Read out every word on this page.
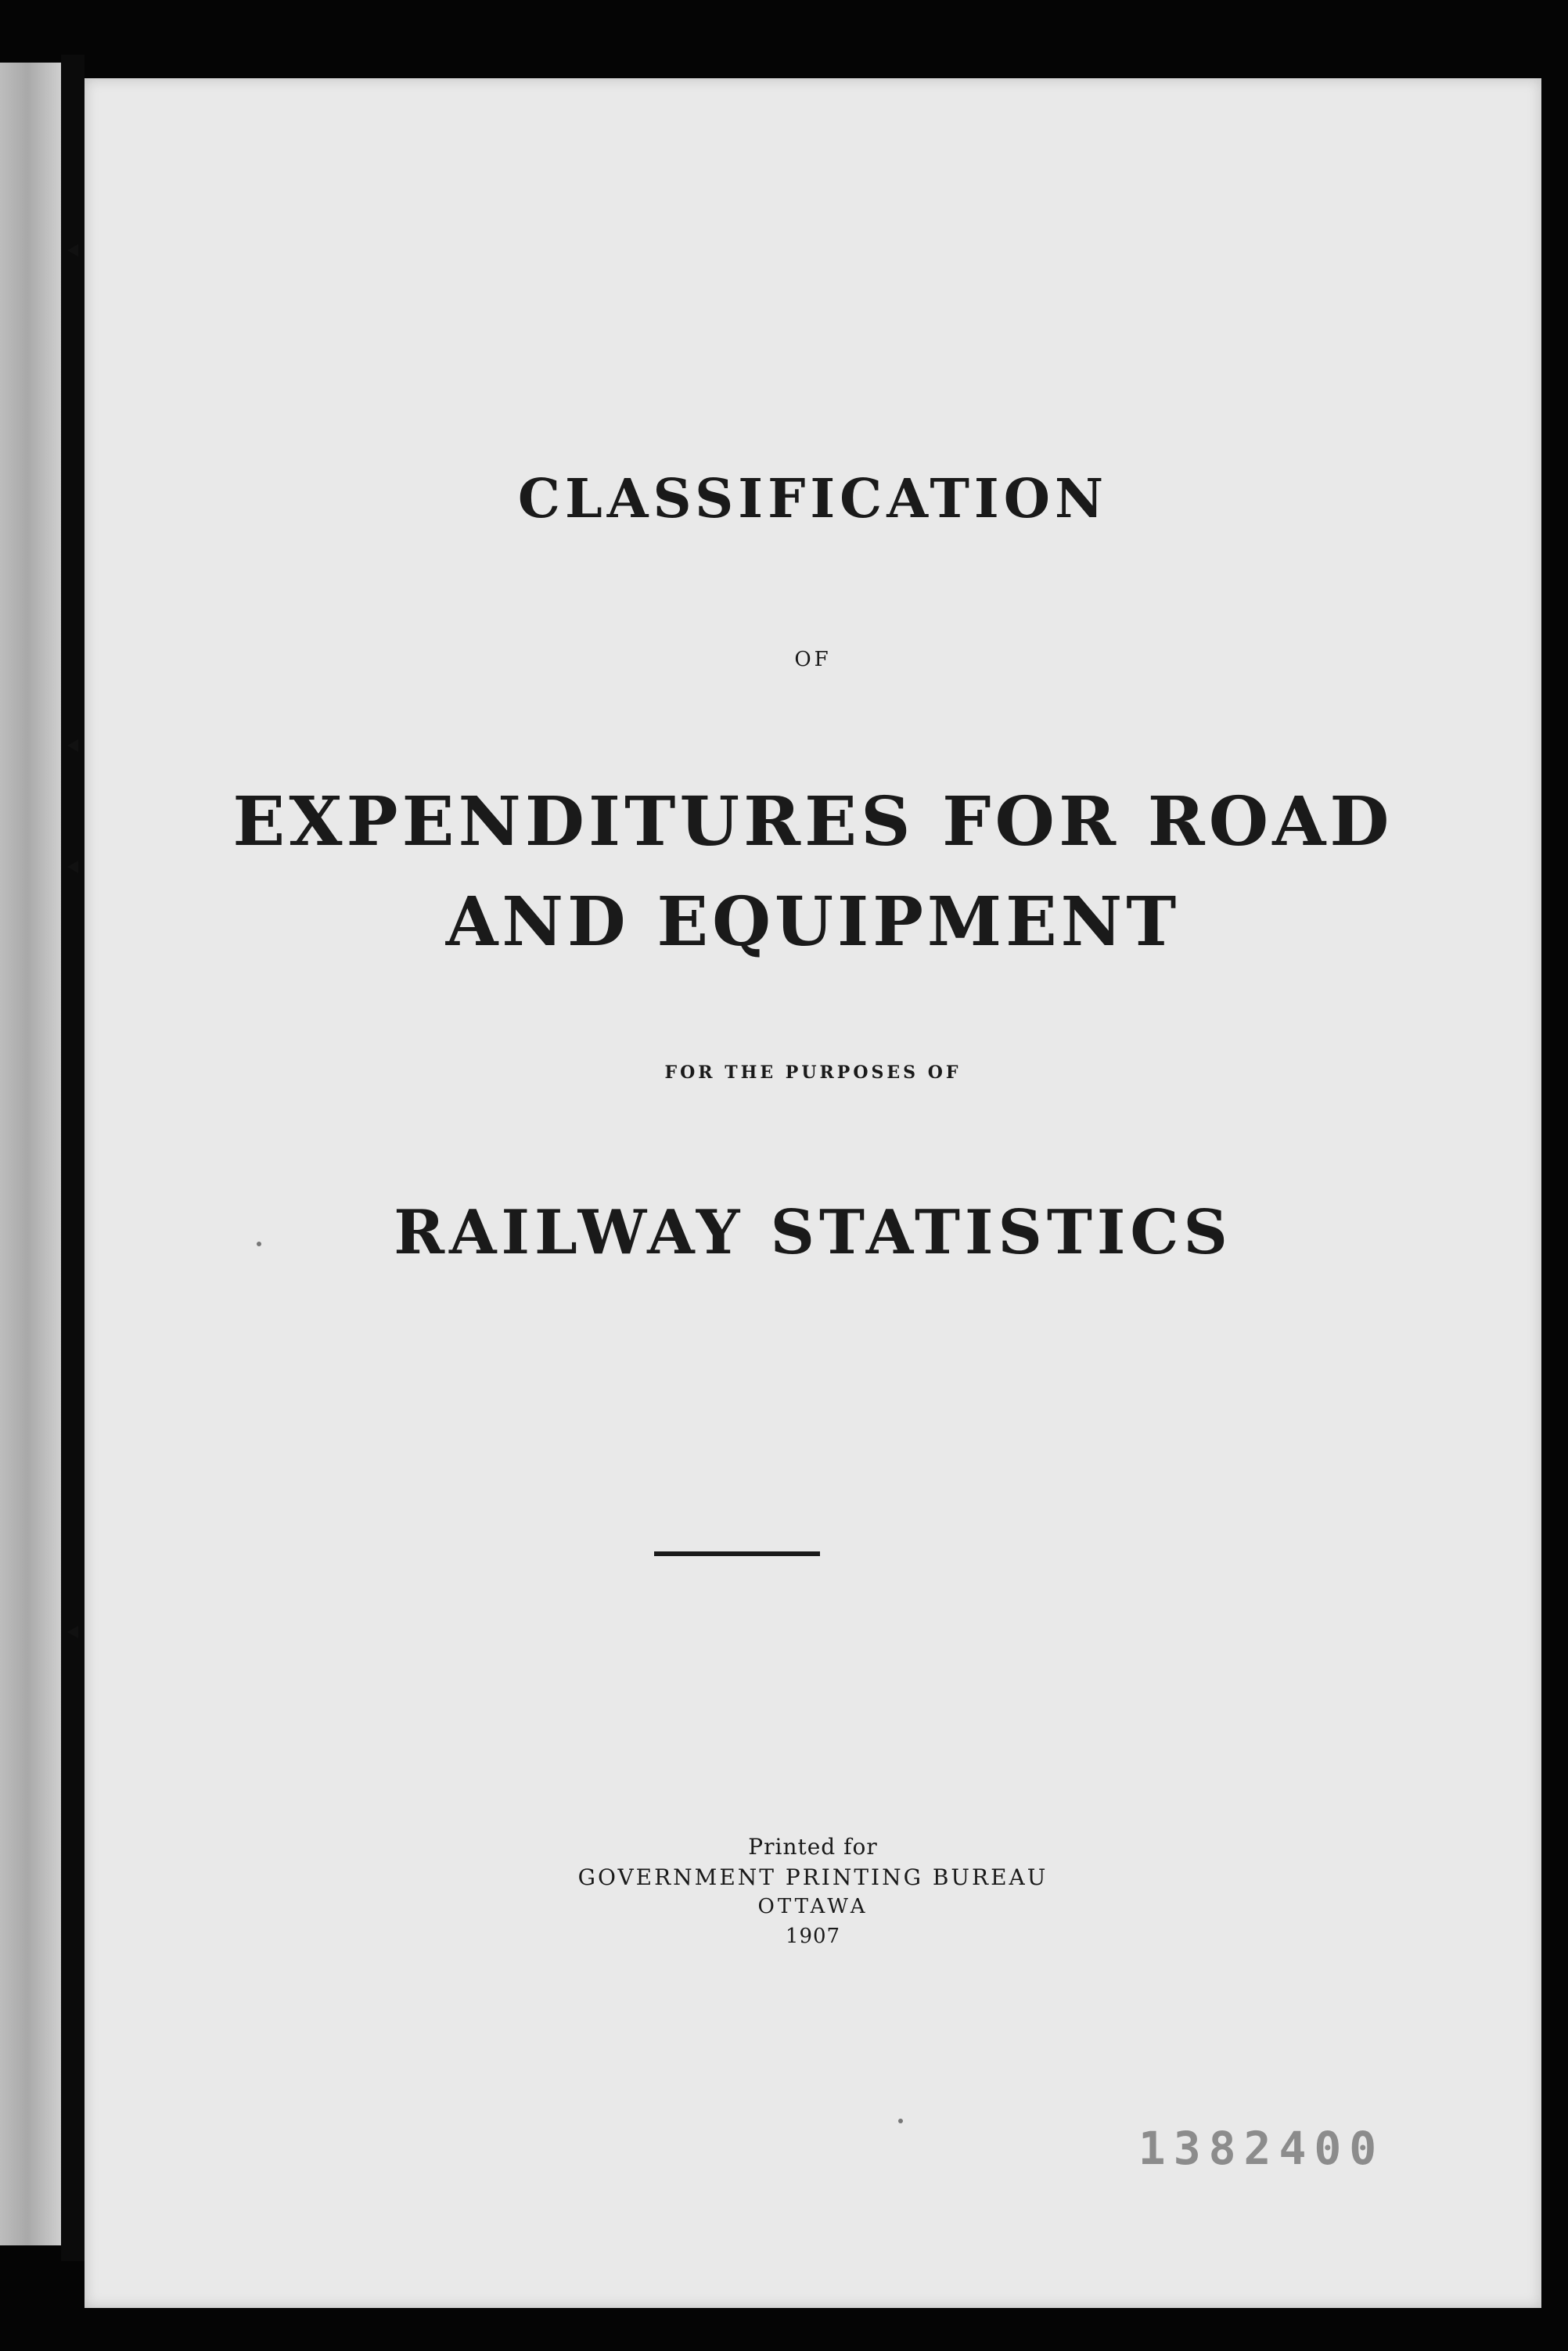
CLASSIFICATION
OF
EXPENDITURES FOR ROAD
AND EQUIPMENT
FOR THE PURPOSES OF
RAILWAY STATISTICS
Printed for
GOVERNMENT PRINTING BUREAU
OTTAWA
1907
1382400
